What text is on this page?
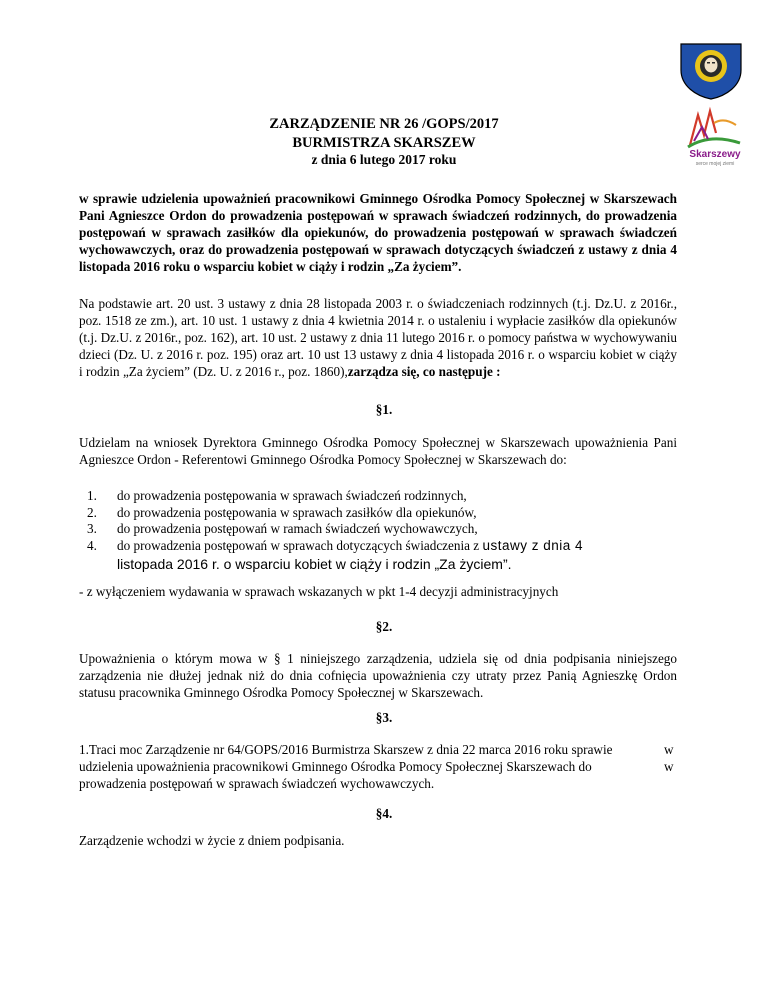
Skarszewy
serce mojej ziemi
ZARZĄDZENIE NR 26 /GOPS/2017
BURMISTRZA SKARSZEW
z dnia 6 lutego 2017 roku
w sprawie udzielenia upoważnień pracownikowi Gminnego Ośrodka Pomocy Społecznej w Skarszewach Pani Agnieszce Ordon do prowadzenia postępowań w sprawach świadczeń rodzinnych, do prowadzenia postępowań w sprawach zasiłków dla opiekunów, do prowadzenia postępowań w sprawach świadczeń wychowawczych, oraz do prowadzenia postępowań w sprawach dotyczących świadczeń z ustawy z dnia 4 listopada 2016 roku o wsparciu kobiet w ciąży i rodzin „Za życiem”.
Na podstawie art. 20 ust. 3 ustawy z dnia 28 listopada 2003 r. o świadczeniach rodzinnych (t.j. Dz.U. z 2016r., poz. 1518 ze zm.), art. 10 ust. 1 ustawy z dnia 4 kwietnia 2014 r. o ustaleniu i wypłacie zasiłków dla opiekunów (t.j. Dz.U. z 2016r., poz. 162), art. 10 ust. 2 ustawy z dnia 11 lutego 2016 r. o pomocy państwa w wychowywaniu dzieci (Dz. U. z 2016 r. poz. 195) oraz art. 10 ust 13 ustawy z dnia 4 listopada 2016 r. o wsparciu kobiet w ciąży i rodzin „Za życiem” (Dz. U. z 2016 r., poz. 1860),zarządza się, co następuje :
§1.
Udzielam na wniosek Dyrektora Gminnego Ośrodka Pomocy Społecznej w Skarszewach upoważnienia Pani Agnieszce Ordon - Referentowi Gminnego Ośrodka Pomocy Społecznej w Skarszewach do:
1. do prowadzenia postępowania w sprawach świadczeń rodzinnych,
2. do prowadzenia postępowania w sprawach zasiłków dla opiekunów,
3. do prowadzenia postępowań w ramach świadczeń wychowawczych,
4. do prowadzenia postępowań w sprawach dotyczących świadczenia z ustawy z dnia 4
listopada 2016 r. o wsparciu kobiet w ciąży i rodzin „Za życiem”.
- z wyłączeniem wydawania w sprawach wskazanych w pkt 1-4 decyzji administracyjnych
§2.
Upoważnienia o którym mowa w § 1 niniejszego zarządzenia, udziela się od dnia podpisania niniejszego zarządzenia nie dłużej jednak niż do dnia cofnięcia upoważnienia czy utraty przez Panią Agnieszkę Ordon statusu pracownika Gminnego Ośrodka Pomocy Społecznej w Skarszewach.
§3.
1.Traci moc Zarządzenie nr 64/GOPS/2016 Burmistrza Skarszew z dnia 22 marca 2016 roku sprawie udzielenia upoważnienia pracownikowi Gminnego Ośrodka Pomocy Społecznej Skarszewach do prowadzenia postępowań w sprawach świadczeń wychowawczych.
w
w
§4.
Zarządzenie wchodzi w życie z dniem podpisania.
